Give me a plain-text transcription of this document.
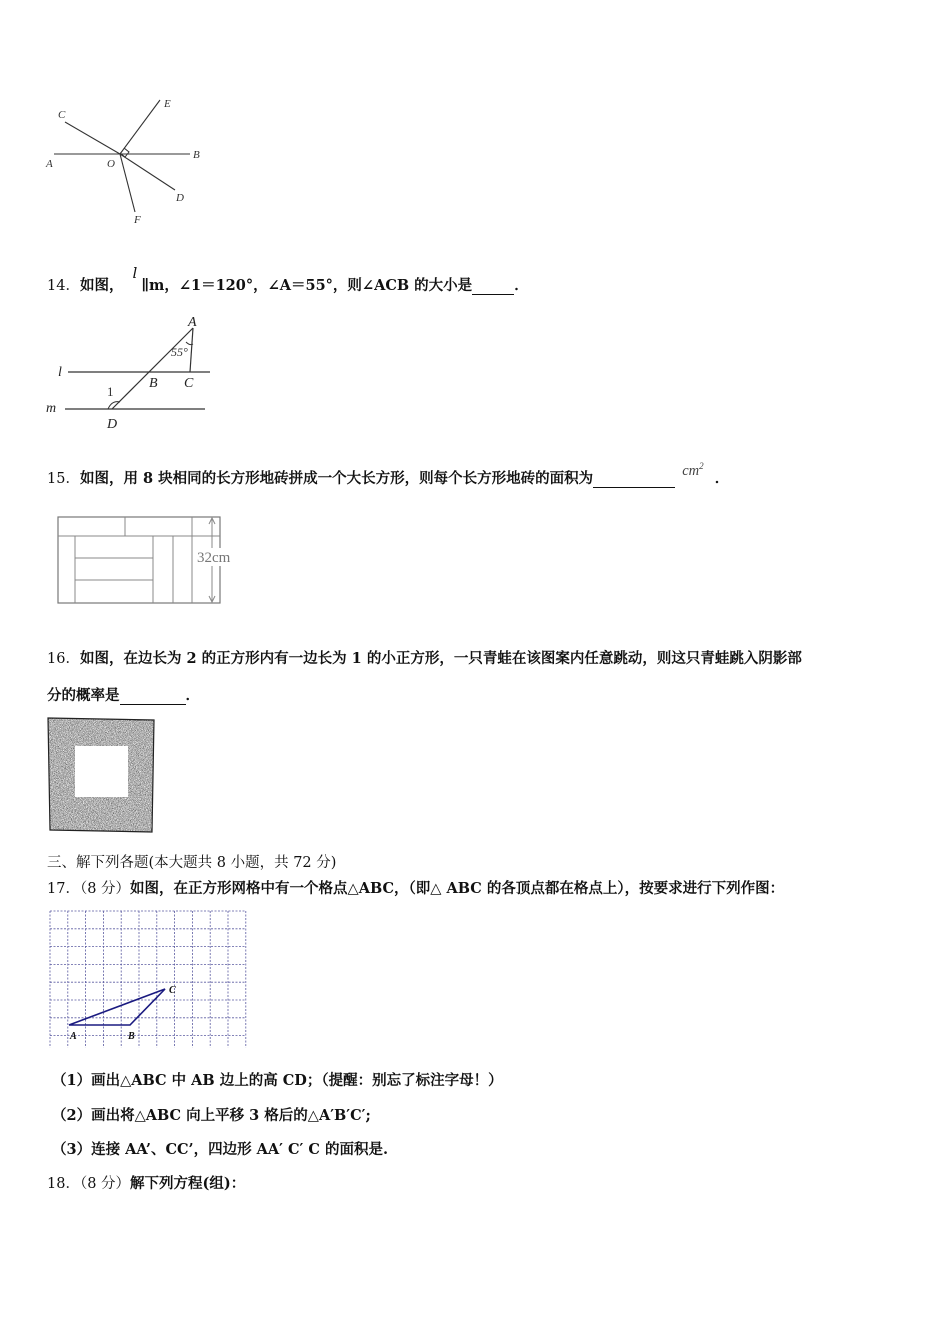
C
E
A	O
B
D
F
14．如图， l∥m，∠1＝120°，∠A＝55°，则∠ACB 的大小是	．
A
55°
l
B C
1
m
D
15．如图，用 8 块相同的长方形地砖拼成一个大长方形，则每个长方形地砖的面积为	$cm^2$ ．
32cm
16．如图，在边长为 2 的正方形内有一边长为 1 的小正方形，一只青蛙在该图案内任意跳动，则这只青蛙跳入阴影部
分的概率是	．
三、解下列各题(本大题共 8 小题，共 72 分)
17．（8 分）如图，在正方形网格中有一个格点△ABC，（即△ ABC 的各顶点都在格点上），按要求进行下列作图：
A	B
C
（1）画出△ABC 中 AB 边上的高 CD；（提醒：别忘了标注字母！）
（2）画出将△ABC 向上平移 3 格后的△A′B′C′;
（3）连接 AA’、CC’，四边形 AA′ C′ C 的面积是.
18．（8 分）解下列方程(组)：
